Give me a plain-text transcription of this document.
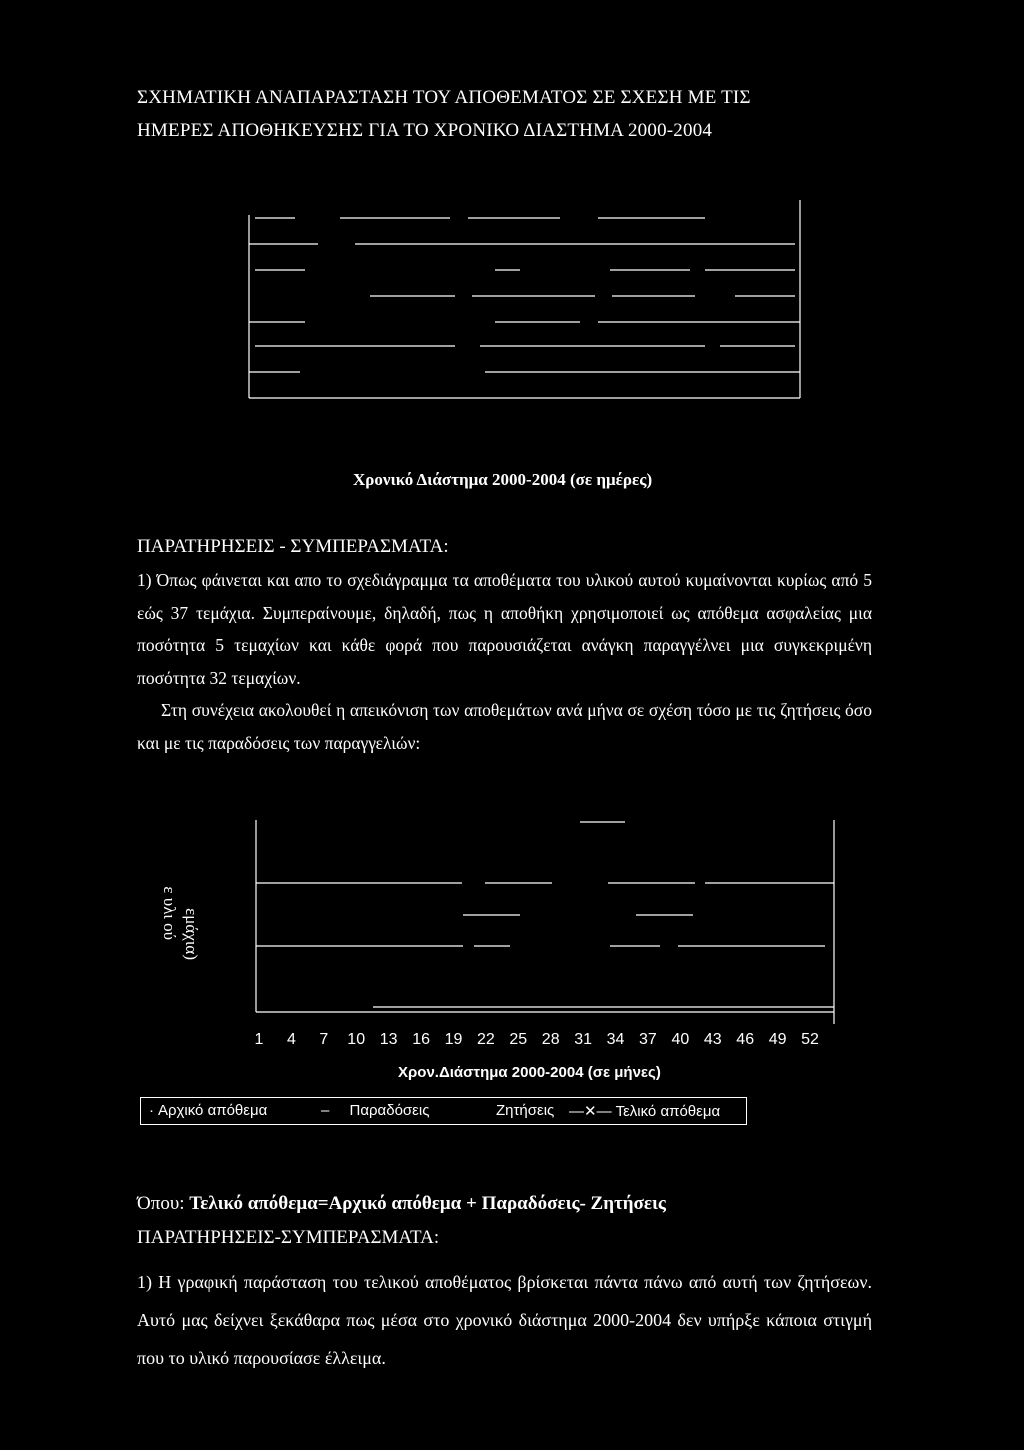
ΣΧΗΜΑΤΙΚΗ ΑΝΑΠΑΡΑΣΤΑΣΗ ΤΟΥ ΑΠΟΘΕΜΑΤΟΣ ΣΕ ΣΧΕΣΗ ΜΕ ΤΙΣ
ΗΜΕΡΕΣ ΑΠΟΘΗΚΕΥΣΗΣ ΓΙΑ ΤΟ ΧΡΟΝΙΚΟ ΔΙΑΣΤΗΜΑ 2000-2004
Χρονικό Διάστημα 2000-2004 (σε ημέρες)
ΠΑΡΑΤΗΡΗΣΕΙΣ - ΣΥΜΠΕΡΑΣΜΑΤΑ:

1) Όπως φάινεται και απο το σχεδιάγραμμα τα αποθέματα του υλικού αυτού κυμαίνονται κυρίως από 5 εώς 37 τεμάχια. Συμπεραίνουμε, δηλαδή, πως η αποθήκη χρησιμοποιεί ως απόθεμα ασφαλείας μια ποσότητα 5 τεμαχίων και κάθε φορά που παρουσιάζεται ανάγκη παραγγέλνει μια συγκεκριμένη ποσότητα 32 τεμαχίων.

Στη συνέχεια ακολουθεί η απεικόνιση των αποθεμάτων ανά μήνα σε σχέση τόσο με τις ζητήσεις όσο και με τις παραδόσεις των παραγγελιών:

ε υλι ού εμάχια)
1 4 7 10 13 16 19 22 25 28 31 34 37 40 43 46 49 52
Χρον.Διάστημα 2000-2004 (σε μήνες)
· Αρχικό απόθεμα	– Παραδόσεις	Ζητήσεις —✕— Τελικό απόθεμα
Όπου: Τελικό απόθεμα=Αρχικό απόθεμα + Παραδόσεις- Ζητήσεις
ΠΑΡΑΤΗΡΗΣΕΙΣ-ΣΥΜΠΕΡΑΣΜΑΤΑ:

1) Η γραφική παράσταση του τελικού αποθέματος βρίσκεται πάντα πάνω από αυτή των ζητήσεων. Αυτό μας δείχνει ξεκάθαρα πως μέσα στο χρονικό διάστημα 2000-2004 δεν υπήρξε κάποια στιγμή που το υλικό παρουσίασε έλλειμα.
